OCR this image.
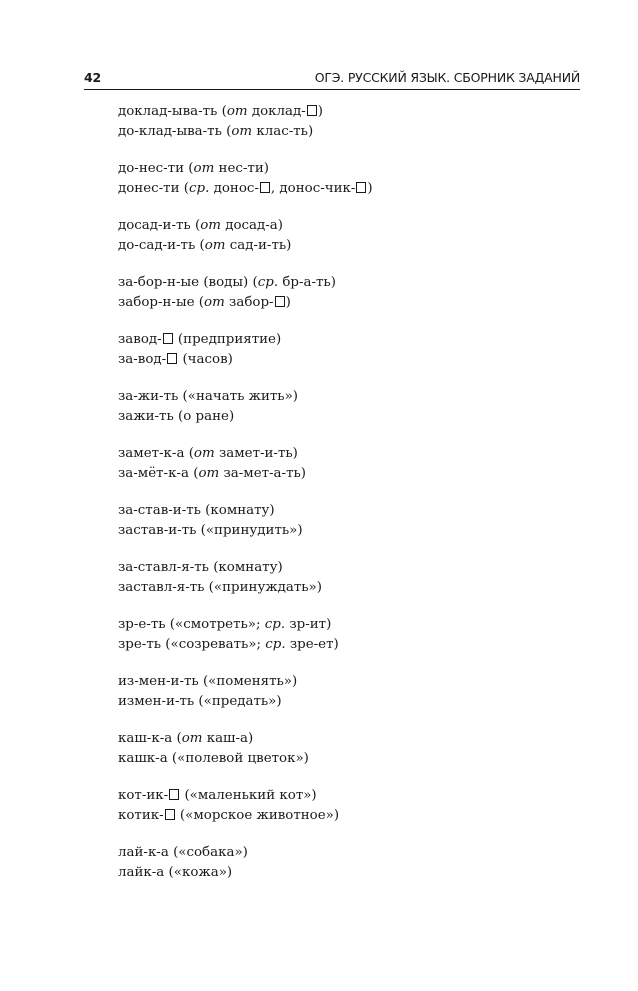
42	ОГЭ. РУССКИЙ ЯЗЫК. СБОРНИК ЗАДАНИЙ
доклад-ыва-ть (от доклад- )
до-клад-ыва-ть (от клас-ть)
до-нес-ти (от нес-ти)
донес-ти (ср. донос- , донос-чик- )
досад-и-ть (от досад-а)
до-сад-и-ть (от сад-и-ть)
за-бор-н-ые (воды) (ср. бр-а-ть)
забор-н-ые (от забор- )
завод- (предприятие)
за-вод- (часов)
за-жи-ть («начать жить»)
зажи-ть (о ране)
замет-к-а (от замет-и-ть)
за-мёт-к-а (от за-мет-а-ть)
за-став-и-ть (комнату)
застав-и-ть («принудить»)
за-ставл-я-ть (комнату)
заставл-я-ть («принуждать»)
зр-е-ть («смотреть»; ср. зр-ит)
зре-ть («созревать»; ср. зре-ет)
из-мен-и-ть («поменять»)
измен-и-ть («предать»)
каш-к-а (от каш-а)
кашк-а («полевой цветок»)
кот-ик- («маленький кот»)
котик- («морское животное»)
лай-к-а («собака»)
лайк-а («кожа»)
